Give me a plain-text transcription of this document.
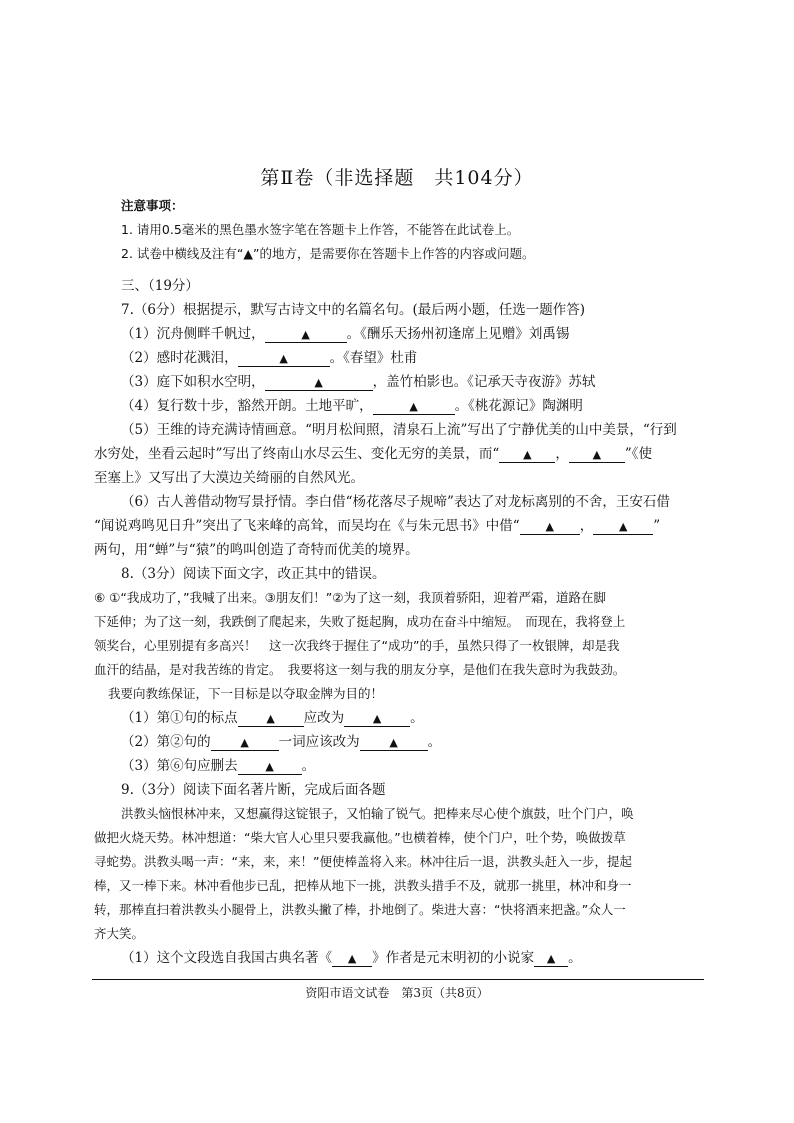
第Ⅱ卷（非选择题　共104分）
注意事项：
1. 请用0.5毫米的黑色墨水签字笔在答题卡上作答，不能答在此试卷上。
2. 试卷中横线及注有“▲”的地方，是需要你在答题卡上作答的内容或问题。
三、（19分）
7.（6分）根据提示，默写古诗文中的名篇名句。(最后两小题，任选一题作答)
（1）沉舟侧畔千帆过，	▲	。《酬乐天扬州初逢席上见赠》刘禹锡
（2）感时花溅泪，	▲	。《春望》杜甫
（3）庭下如积水空明，	▲	，盖竹柏影也。《记承天寺夜游》苏轼
（4）复行数十步，豁然开朗。土地平旷，	▲	。《桃花源记》陶渊明
（5）王维的诗充满诗情画意。“明月松间照，清泉石上流”写出了宁静优美的山中美景，“行到
水穷处，坐看云起时”写出了终南山水尽云生、变化无穷的美景，而“ ▲ ， ▲ ”《使
至塞上》又写出了大漠边关绮丽的自然风光。
（6）古人善借动物写景抒情。李白借“杨花落尽子规啼”表达了对龙标离别的不舍，王安石借
“闻说鸡鸣见日升”突出了飞来峰的高耸，而吴均在《与朱元思书》中借“ ▲ ， ▲ ”
两句，用“蝉”与“猿”的鸣叫创造了奇特而优美的境界。
8.（3分）阅读下面文字，改正其中的错误。
⑥ ①“我成功了，”我喊了出来。③朋友们！”②为了这一刻，我顶着骄阳，迎着严霜，道路在脚
下延伸；为了这一刻，我跌倒了爬起来，失败了挺起胸，成功在奋斗中缩短。　而现在，我将登上
领奖台，心里别提有多高兴！　这一次我终于握住了“成功”的手，虽然只得了一枚银牌，却是我
血汗的结晶，是对我苦练的肯定。　我要将这一刻与我的朋友分享，是他们在我失意时为我鼓劲。
我要向教练保证，下一目标是以夺取金牌为目的！
（1）第①句的标点	▲ 应改为	▲ 。
（2）第②句的	▲ 一词应该改为	▲ 。
（3）第⑥句应删去	▲ 。
9.（3分）阅读下面名著片断，完成后面各题
洪教头恼恨林冲来，又想赢得这锭银子，又怕输了锐气。把棒来尽心使个旗鼓，吐个门户，唤
做把火烧天势。林冲想道：“柴大官人心里只要我赢他。”也横着棒，使个门户，吐个势，唤做拨草
寻蛇势。洪教头喝一声：“来，来，来！”便使棒盖将入来。林冲往后一退，洪教头赶入一步，提起
棒，又一棒下来。林冲看他步已乱，把棒从地下一挑，洪教头措手不及，就那一挑里，林冲和身一
转，那棒直扫着洪教头小腿骨上，洪教头撇了棒，扑地倒了。柴进大喜：“快将酒来把盏。”众人一
齐大笑。
（1）这个文段选自我国古典名著《 ▲ 》作者是元末明初的小说家 ▲ 。
资阳市语文试卷　第3页（共8页）
